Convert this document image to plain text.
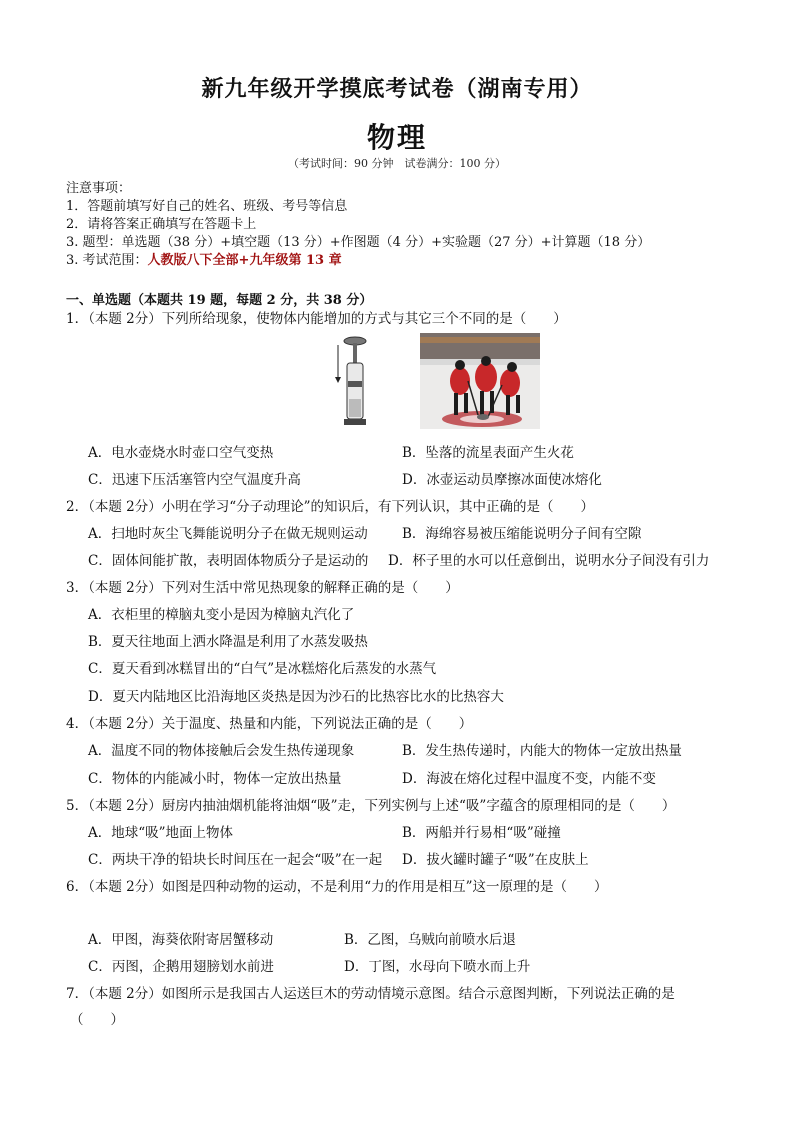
新九年级开学摸底考试卷（湖南专用）
物理
（考试时间：90 分钟　试卷满分：100 分）
注意事项：
1．答题前填写好自己的姓名、班级、考号等信息
2．请将答案正确填写在答题卡上
3. 题型：单选题（38 分）+填空题（13 分）+作图题（4 分）+实验题（27 分）+计算题（18 分）
3. 考试范围：人教版八下全部+九年级第 13 章
一、单选题（本题共 19 题，每题 2 分，共 38 分）
1．（本题 2分）下列所给现象，使物体内能增加的方式与其它三个不同的是（　　）
A．电水壶烧水时壶口空气变热	B．坠落的流星表面产生火花
C．迅速下压活塞管内空气温度升高	D．冰壶运动员摩擦冰面使冰熔化
2．（本题 2分）小明在学习“分子动理论”的知识后，有下列认识，其中正确的是（　　）
A．扫地时灰尘飞舞能说明分子在做无规则运动	B．海绵容易被压缩能说明分子间有空隙
C．固体间能扩散，表明固体物质分子是运动的 D．杯子里的水可以任意倒出，说明水分子间没有引力
3．（本题 2分）下列对生活中常见热现象的解释正确的是（　　）
A．衣柜里的樟脑丸变小是因为樟脑丸汽化了
B．夏天往地面上洒水降温是利用了水蒸发吸热
C．夏天看到冰糕冒出的“白气”是冰糕熔化后蒸发的水蒸气
D．夏天内陆地区比沿海地区炎热是因为沙石的比热容比水的比热容大
4．（本题 2分）关于温度、热量和内能，下列说法正确的是（　　）
A．温度不同的物体接触后会发生热传递现象	B．发生热传递时，内能大的物体一定放出热量
C．物体的内能减小时，物体一定放出热量	D．海波在熔化过程中温度不变，内能不变
5．（本题 2分）厨房内抽油烟机能将油烟“吸”走，下列实例与上述“吸”字蕴含的原理相同的是（　　）
A．地球“吸”地面上物体	B．两船并行易相“吸”碰撞
C．两块干净的铅块长时间压在一起会“吸”在一起 D．拔火罐时罐子“吸”在皮肤上
6．（本题 2分）如图是四种动物的运动，不是利用“力的作用是相互”这一原理的是（　　）
A．甲图，海葵依附寄居蟹移动	B．乙图，乌贼向前喷水后退
C．丙图，企鹅用翅膀划水前进	D．丁图，水母向下喷水而上升
7．（本题 2分）如图所示是我国古人运送巨木的劳动情境示意图。结合示意图判断，下列说法正确的是
（　　）
